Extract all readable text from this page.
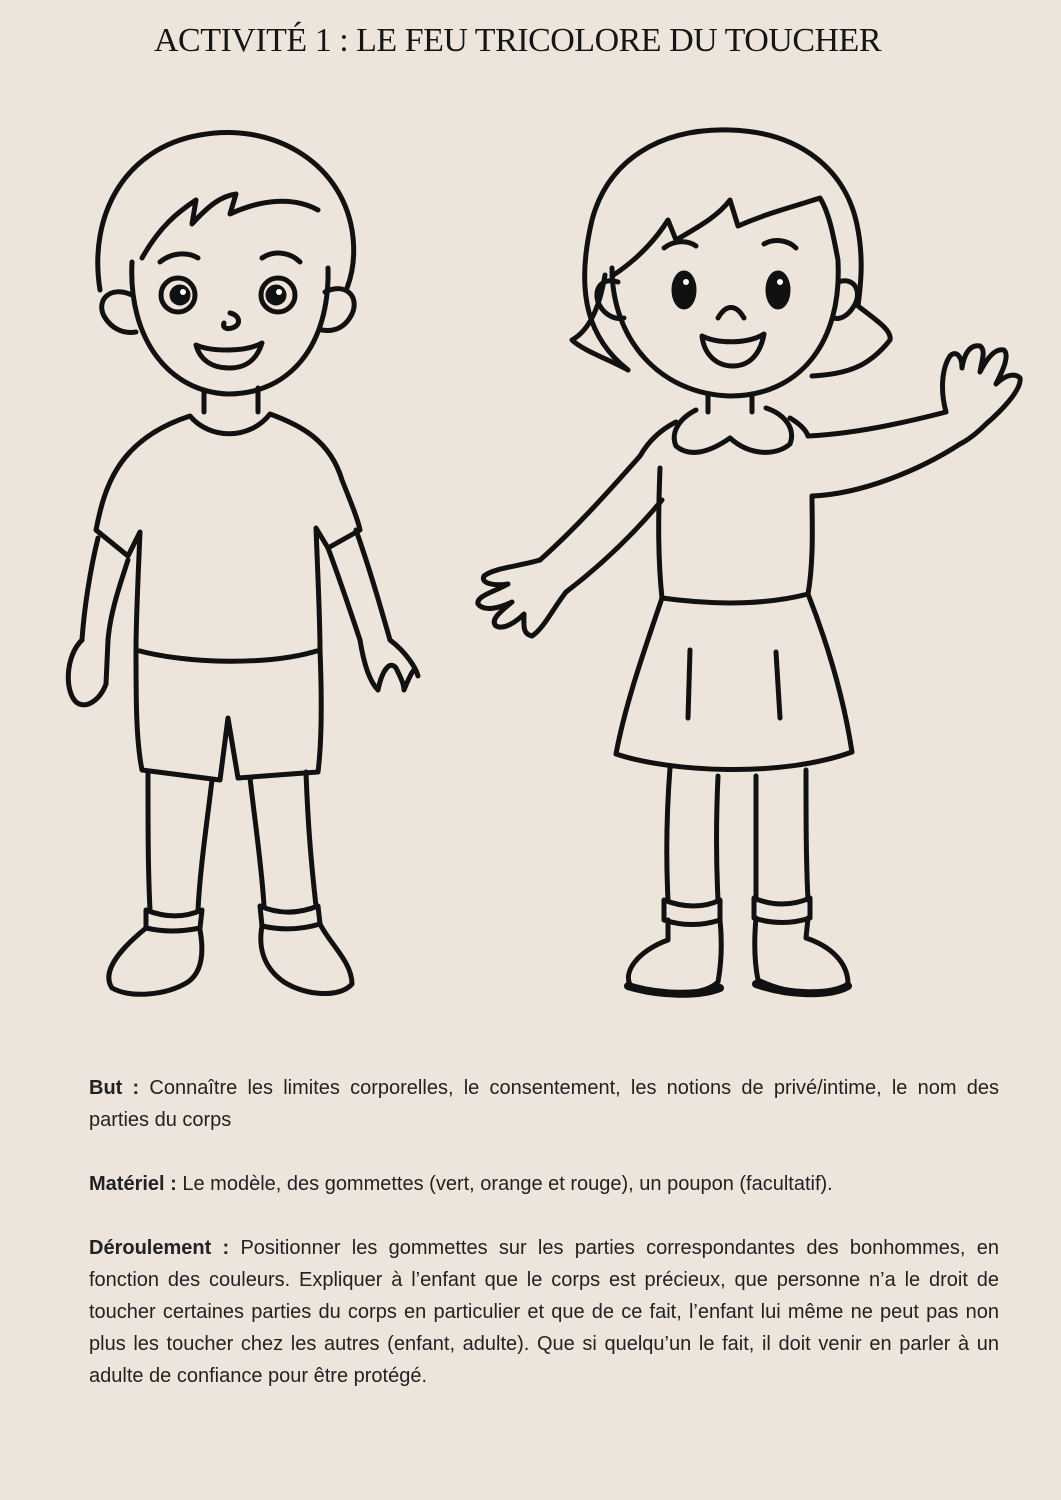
ACTIVITÉ 1 : LE FEU TRICOLORE DU TOUCHER
But : Connaître les limites corporelles, le consentement, les notions de privé/intime, le nom des parties du corps
Matériel : Le modèle, des gommettes (vert, orange et rouge), un poupon (facultatif).
Déroulement : Positionner les gommettes sur les parties correspondantes des bonhommes, en fonction des couleurs. Expliquer à l’enfant que le corps est précieux, que personne n’a le droit de toucher certaines parties du corps en particulier et que de ce fait, l’enfant lui même ne peut pas non plus les toucher chez les autres (enfant, adulte). Que si quelqu’un le fait, il doit venir en parler à un adulte de confiance pour être protégé.
